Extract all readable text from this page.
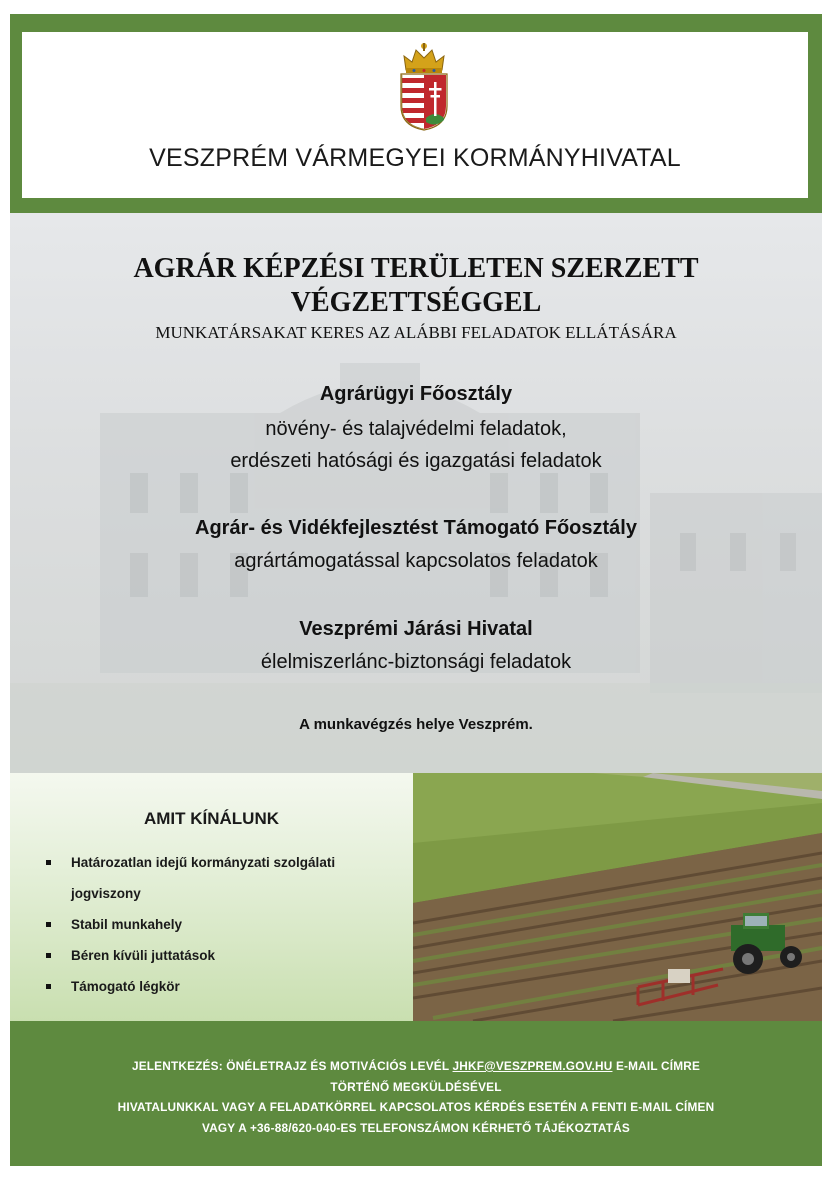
VESZPRÉM VÁRMEGYEI KORMÁNYHIVATAL
AGRÁR KÉPZÉSI TERÜLETEN SZERZETT
VÉGZETTSÉGGEL
MUNKATÁRSAKAT KERES AZ ALÁBBI FELADATOK ELLÁTÁSÁRA
Agrárügyi Főosztály
növény- és talajvédelmi feladatok,
erdészeti hatósági és igazgatási feladatok
Agrár- és Vidékfejlesztést Támogató Főosztály
agrártámogatással kapcsolatos feladatok
Veszprémi Járási Hivatal
élelmiszerlánc-biztonsági feladatok
A munkavégzés helye Veszprém.
AMIT KÍNÁLUNK
Határozatlan idejű kormányzati szolgálati
jogviszony
Stabil munkahely
Béren kívüli juttatások
Támogató légkör

JELENTKEZÉS: ÖNÉLETRAJZ ÉS MOTIVÁCIÓS LEVÉL JHKF@VESZPREM.GOV.HU E-MAIL CÍMRE

TÖRTÉNŐ MEGKÜLDÉSÉVEL

HIVATALUNKKAL VAGY A FELADATKÖRREL KAPCSOLATOS KÉRDÉS ESETÉN A FENTI E-MAIL CÍMEN

VAGY A +36-88/620-040-ES TELEFONSZÁMON KÉRHETŐ TÁJÉKOZTATÁS
